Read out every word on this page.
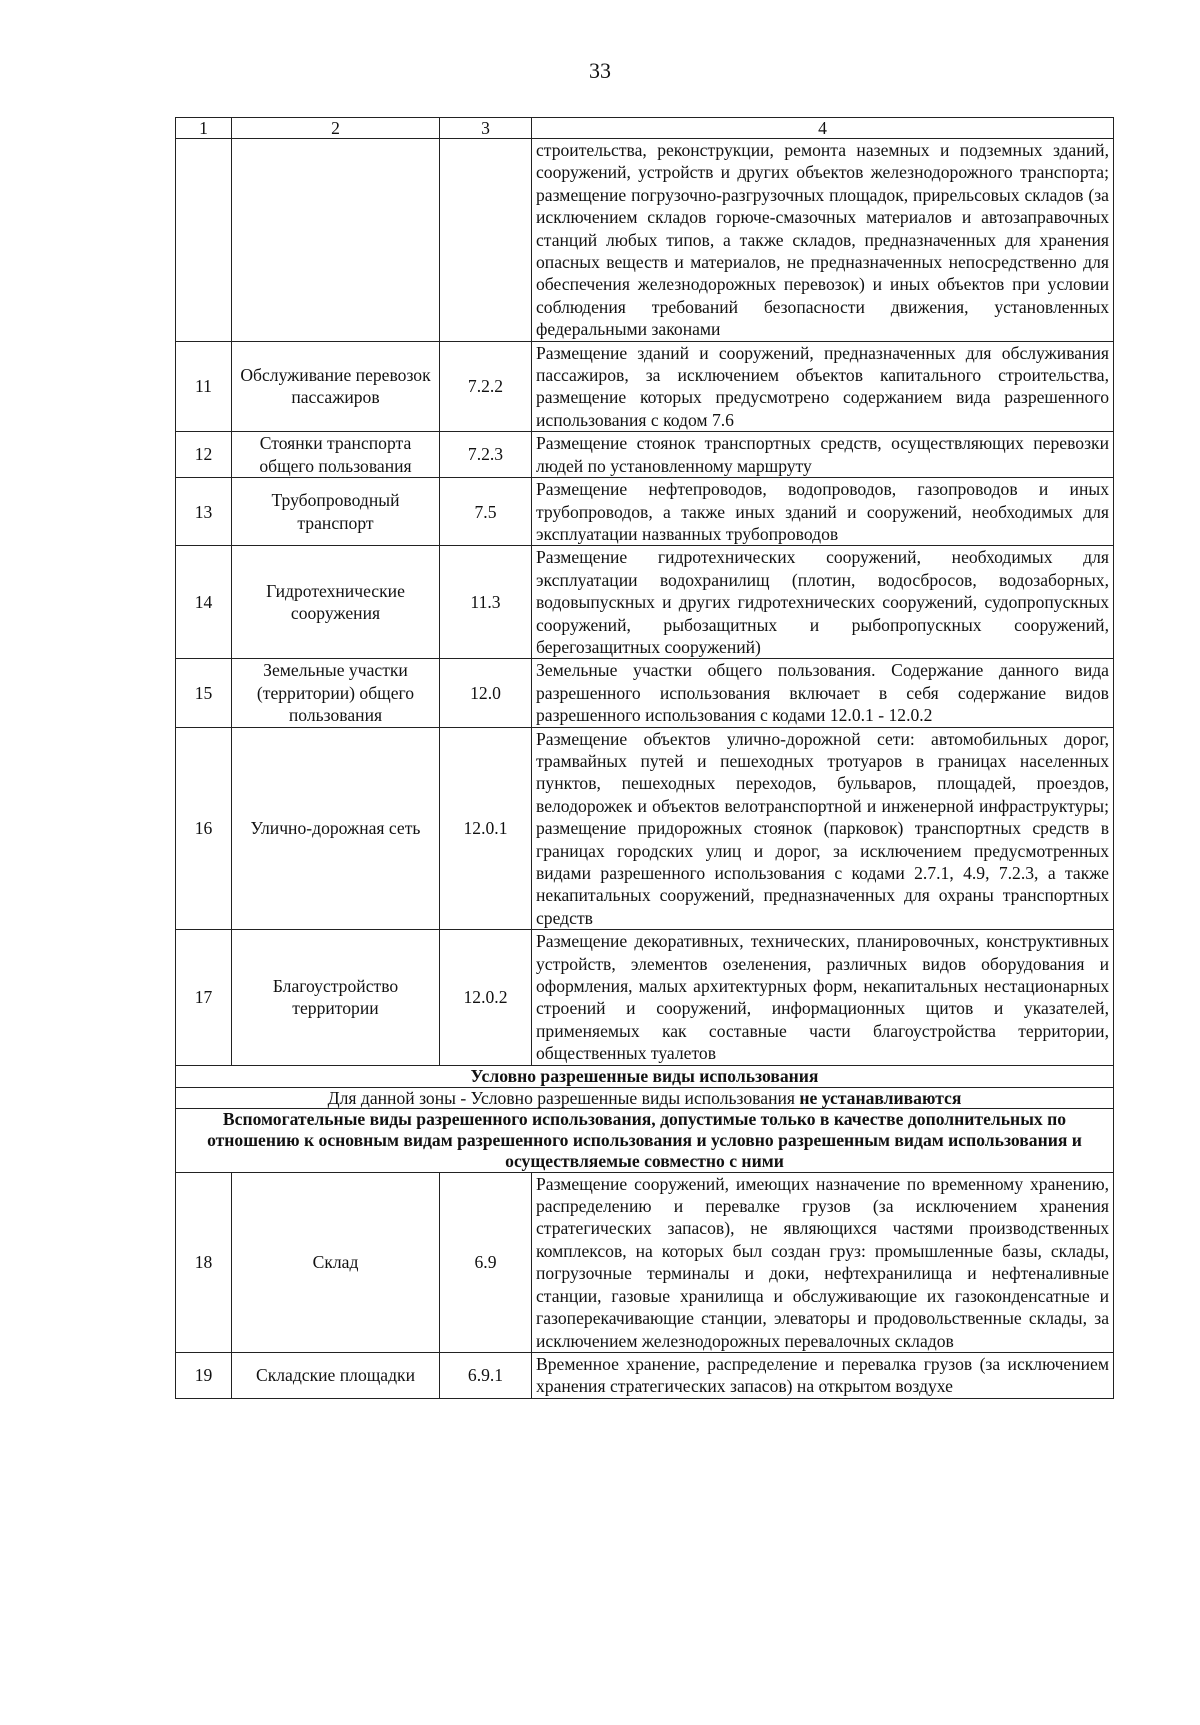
33
1	2	3	4
			строительства, реконструкции, ремонта наземных и подземных зданий, сооружений, устройств и других объектов железнодорожного транспорта; размещение погрузочно-разгрузочных площадок, прирельсовых складов (за исключением складов горюче-смазочных материалов и автозаправочных станций любых типов, а также складов, предназначенных для хранения опасных веществ и материалов, не предназначенных непосредственно для обеспечения железнодорожных перевозок) и иных объектов при условии соблюдения требований безопасности движения, установленных федеральными законами
11	Обслуживание перевозок пассажиров	7.2.2	Размещение зданий и сооружений, предназначенных для обслуживания пассажиров, за исключением объектов капитального строительства, размещение которых предусмотрено содержанием вида разрешенного использования с кодом 7.6
12	Стоянки транспорта общего пользования	7.2.3	Размещение стоянок транспортных средств, осуществляющих перевозки людей по установленному маршруту
13	Трубопроводный транспорт	7.5	Размещение нефтепроводов, водопроводов, газопроводов и иных трубопроводов, а также иных зданий и сооружений, необходимых для эксплуатации названных трубопроводов
14	Гидротехнические сооружения	11.3	Размещение гидротехнических сооружений, необходимых для эксплуатации водохранилищ (плотин, водосбросов, водозаборных, водовыпускных и других гидротехнических сооружений, судопропускных сооружений, рыбозащитных и рыбопропускных сооружений, берегозащитных сооружений)
15	Земельные участки (территории) общего пользования	12.0	Земельные участки общего пользования. Содержание данного вида разрешенного использования включает в себя содержание видов разрешенного использования с кодами 12.0.1 - 12.0.2
16	Улично-дорожная сеть	12.0.1	Размещение объектов улично-дорожной сети: автомобильных дорог, трамвайных путей и пешеходных тротуаров в границах населенных пунктов, пешеходных переходов, бульваров, площадей, проездов, велодорожек и объектов велотранспортной и инженерной инфраструктуры; размещение придорожных стоянок (парковок) транспортных средств в границах городских улиц и дорог, за исключением предусмотренных видами разрешенного использования с кодами 2.7.1, 4.9, 7.2.3, а также некапитальных сооружений, предназначенных для охраны транспортных средств
17	Благоустройство территории	12.0.2	Размещение декоративных, технических, планировочных, конструктивных устройств, элементов озеленения, различных видов оборудования и оформления, малых архитектурных форм, некапитальных нестационарных строений и сооружений, информационных щитов и указателей, применяемых как составные части благоустройства территории, общественных туалетов
Условно разрешенные виды использования			
Для данной зоны - Условно разрешенные виды использования не устанавливаются			
Вспомогательные виды разрешенного использования, допустимые только в качестве дополнительных по отношению к основным видам разрешенного использования и условно разрешенным видам использования и осуществляемые совместно с ними			
18	Склад	6.9	Размещение сооружений, имеющих назначение по временному хранению, распределению и перевалке грузов (за исключением хранения стратегических запасов), не являющихся частями производственных комплексов, на которых был создан груз: промышленные базы, склады, погрузочные терминалы и доки, нефтехранилища и нефтеналивные станции, газовые хранилища и обслуживающие их газоконденсатные и газоперекачивающие станции, элеваторы и продовольственные склады, за исключением железнодорожных перевалочных складов
19	Складские площадки	6.9.1	Временное хранение, распределение и перевалка грузов (за исключением хранения стратегических запасов) на открытом воздухе
